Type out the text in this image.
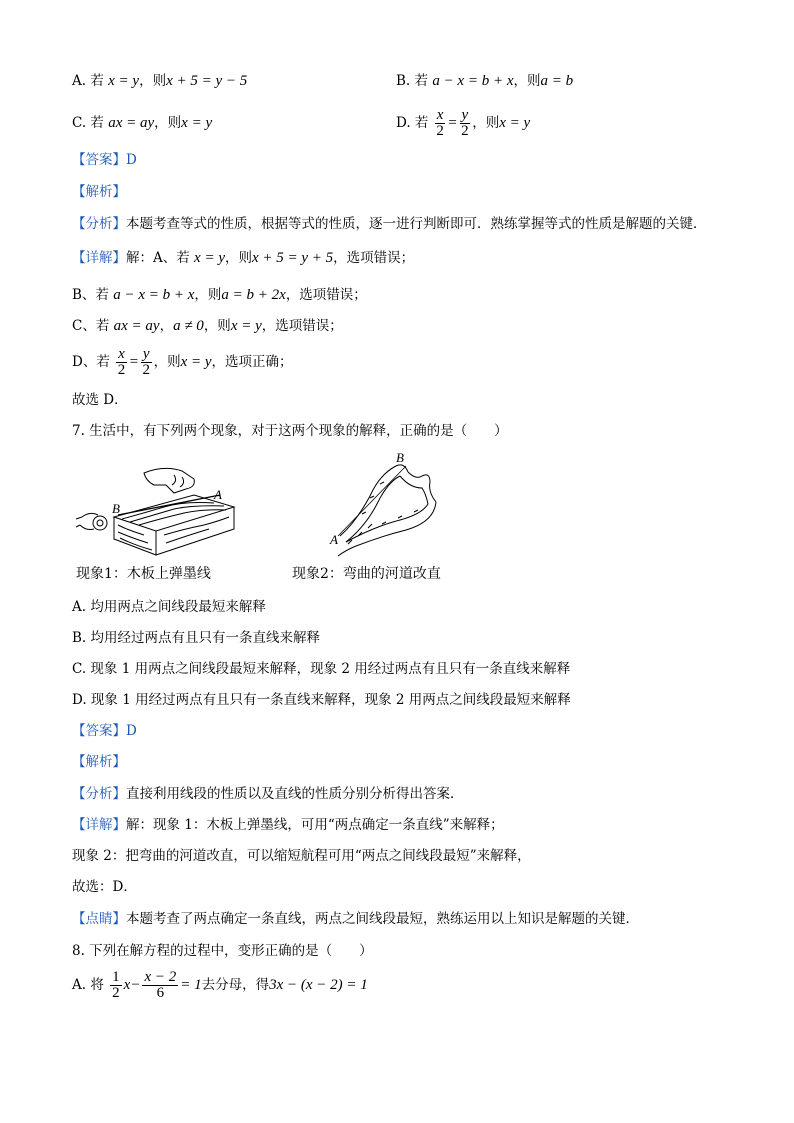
A. 若 x = y，则x + 5 = y − 5	B. 若 a − x = b + x，则a = b
C. 若 ax = ay，则x = y	D. 若 $\frac{x}{2} = \frac{y}{2}$ ，则x = y
【答案】D
【解析】
【分析】本题考查等式的性质，根据等式的性质，逐一进行判断即可．熟练掌握等式的性质是解题的关键．
【详解】解：A、若 x = y，则x + 5 = y + 5，选项错误；
B、若 a − x = b + x，则a = b + 2x，选项错误；
C、若 ax = ay，a ≠ 0，则x = y，选项错误；
D、若 $\frac{x}{2} = \frac{y}{2}$ ，则x = y，选项正确；
故选 D．
7. 生活中，有下列两个现象，对于这两个现象的解释，正确的是（　　）
B
A
现象1：木板上弹墨线
A
B
现象2：弯曲的河道改直
A. 均用两点之间线段最短来解释
B. 均用经过两点有且只有一条直线来解释
C. 现象 1 用两点之间线段最短来解释，现象 2 用经过两点有且只有一条直线来解释
D. 现象 1 用经过两点有且只有一条直线来解释，现象 2 用两点之间线段最短来解释
【答案】D
【解析】
【分析】直接利用线段的性质以及直线的性质分别分析得出答案．
【详解】解：现象 1：木板上弹墨线，可用“两点确定一条直线”来解释；
现象 2：把弯曲的河道改直，可以缩短航程可用“两点之间线段最短”来解释，
故选：D．
【点睛】本题考查了两点确定一条直线，两点之间线段最短，熟练运用以上知识是解题的关键．
8. 下列在解方程的过程中，变形正确的是（　　）
A. 将 $\frac{1}{2} x- \frac{x - 2}{6} = 1$去分母，得3x − (x − 2) = 1
